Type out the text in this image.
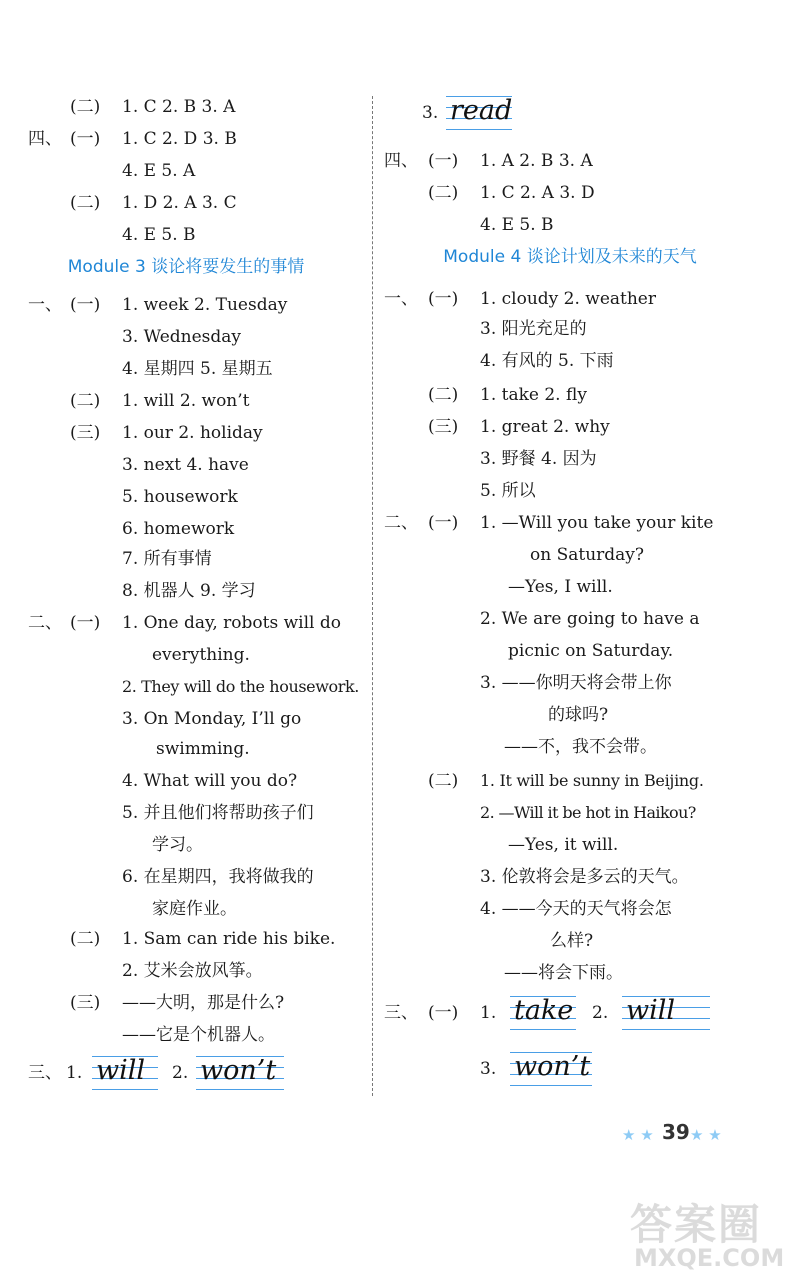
(二) 1. C 2. B 3. A
四、 (一) 1. C 2. D 3. B
4. E 5. A
(二) 1. D 2. A 3. C
4. E 5. B
Module 3 谈论将要发生的事情
一、 (一) 1. week 2. Tuesday
3. Wednesday
4. 星期四 5. 星期五
(二) 1. will 2. won’t
(三) 1. our 2. holiday
3. next 4. have
5. housework
6. homework
7. 所有事情
8. 机器人 9. 学习
二、 (一) 1. One day, robots will do
everything.
2. They will do the housework.
3. On Monday, I’ll go
swimming.
4. What will you do?
5. 并且他们将帮助孩子们
学习。
6. 在星期四，我将做我的
家庭作业。
(二) 1. Sam can ride his bike.
2. 艾米会放风筝。
(三) ——大明，那是什么?
——它是个机器人。
三、 1.	2.
will	won’t
3. read
四、 (一) 1. A 2. B 3. A
(二) 1. C 2. A 3. D
4. E 5. B
Module 4 谈论计划及未来的天气
一、 (一) 1. cloudy 2. weather
3. 阳光充足的
4. 有风的 5. 下雨
(二) 1. take 2. fly
(三) 1. great 2. why
3. 野餐 4. 因为
5. 所以
二、 (一) 1. —Will you take your kite
on Saturday?
—Yes, I will.
2. We are going to have a
picnic on Saturday.
3. ——你明天将会带上你
的球吗?
——不，我不会带。
(二) 1. It will be sunny in Beijing.
2. —Will it be hot in Haikou?
—Yes, it will.
3. 伦敦将会是多云的天气。
4. ——今天的天气将会怎
么样?
——将会下雨。
三、 (一) 1.	2.
take will
3. won’t
★ ★ 39 ★ ★
答案圈
MXQE.COM
